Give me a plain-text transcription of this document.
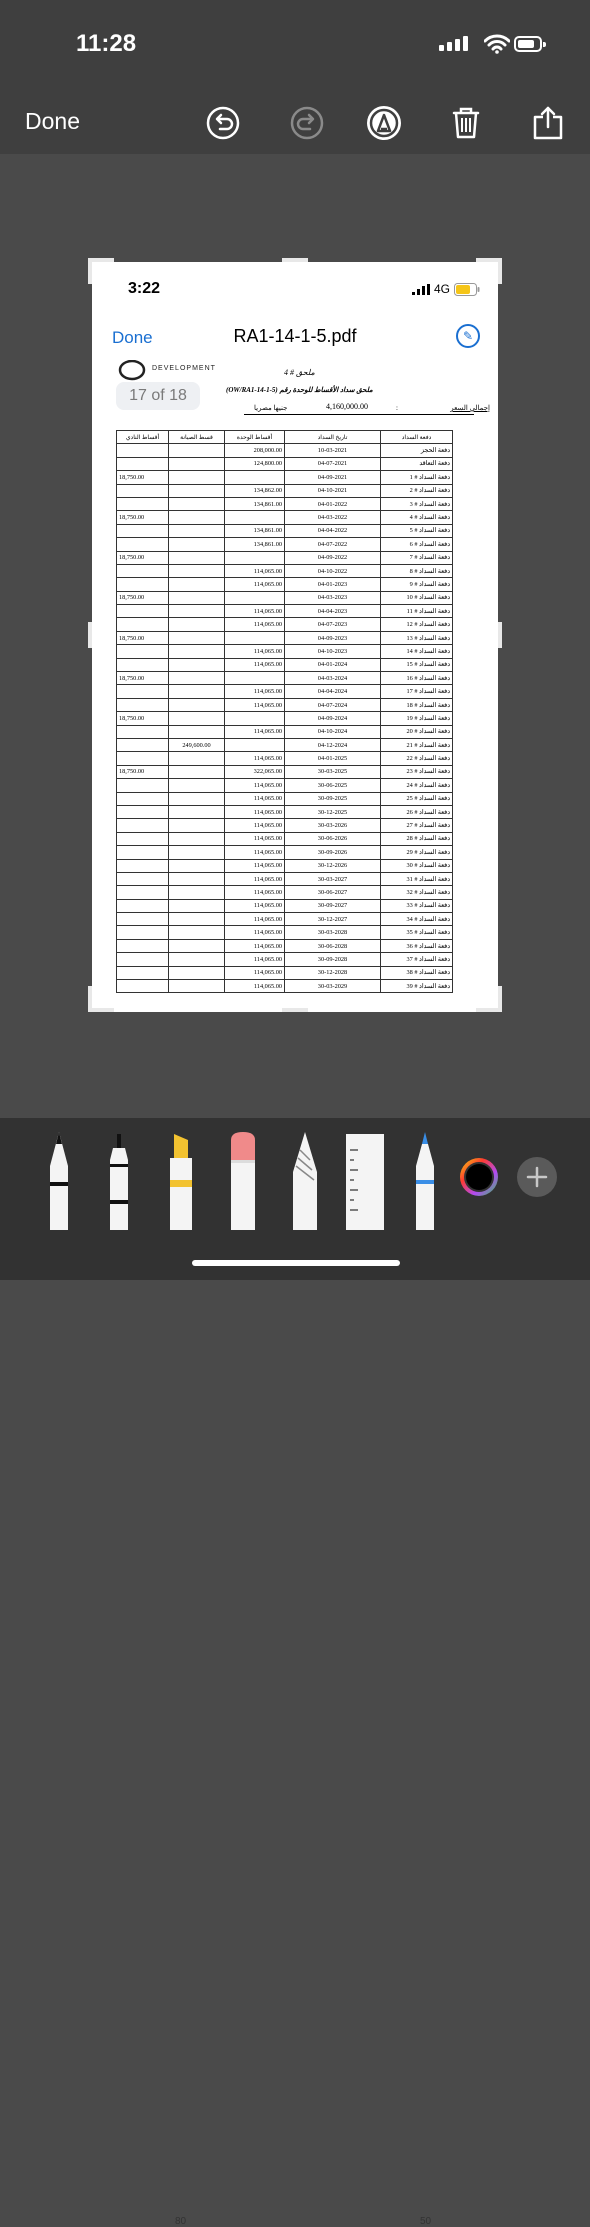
11:28
Done
3:22	4G
Done	RA1-14-1-5.pdf	✎
DEVELOPMENT
17 of 18
ملحق # 4
ملحق سداد الأقساط للوحدة رقم (OW/RA1-14-1-5)
إجمالي السعر
:
4,160,000.00
جنيها مصريا
أقساط النادي	قسط الصيانة	أقساط الوحدة	تاريخ السداد	دفعة السداد
		208,000.00	10-03-2021	دفعة الحجز
		124,800.00	04-07-2021	دفعة التعاقد
18,750.00			04-09-2021	دفعة السداد # 1
		134,862.00	04-10-2021	دفعة السداد # 2
		134,861.00	04-01-2022	دفعة السداد # 3
18,750.00			04-03-2022	دفعة السداد # 4
		134,861.00	04-04-2022	دفعة السداد # 5
		134,861.00	04-07-2022	دفعة السداد # 6
18,750.00			04-09-2022	دفعة السداد # 7
		114,065.00	04-10-2022	دفعة السداد # 8
		114,065.00	04-01-2023	دفعة السداد # 9
18,750.00			04-03-2023	دفعة السداد # 10
		114,065.00	04-04-2023	دفعة السداد # 11
		114,065.00	04-07-2023	دفعة السداد # 12
18,750.00			04-09-2023	دفعة السداد # 13
		114,065.00	04-10-2023	دفعة السداد # 14
		114,065.00	04-01-2024	دفعة السداد # 15
18,750.00			04-03-2024	دفعة السداد # 16
		114,065.00	04-04-2024	دفعة السداد # 17
		114,065.00	04-07-2024	دفعة السداد # 18
18,750.00			04-09-2024	دفعة السداد # 19
		114,065.00	04-10-2024	دفعة السداد # 20
	249,600.00		04-12-2024	دفعة السداد # 21
		114,065.00	04-01-2025	دفعة السداد # 22
18,750.00		322,065.00	30-03-2025	دفعة السداد # 23
		114,065.00	30-06-2025	دفعة السداد # 24
		114,065.00	30-09-2025	دفعة السداد # 25
		114,065.00	30-12-2025	دفعة السداد # 26
		114,065.00	30-03-2026	دفعة السداد # 27
		114,065.00	30-06-2026	دفعة السداد # 28
		114,065.00	30-09-2026	دفعة السداد # 29
		114,065.00	30-12-2026	دفعة السداد # 30
		114,065.00	30-03-2027	دفعة السداد # 31
		114,065.00	30-06-2027	دفعة السداد # 32
		114,065.00	30-09-2027	دفعة السداد # 33
		114,065.00	30-12-2027	دفعة السداد # 34
		114,065.00	30-03-2028	دفعة السداد # 35
		114,065.00	30-06-2028	دفعة السداد # 36
		114,065.00	30-09-2028	دفعة السداد # 37
		114,065.00	30-12-2028	دفعة السداد # 38
		114,065.00	30-03-2029	دفعة السداد # 39
80	50
